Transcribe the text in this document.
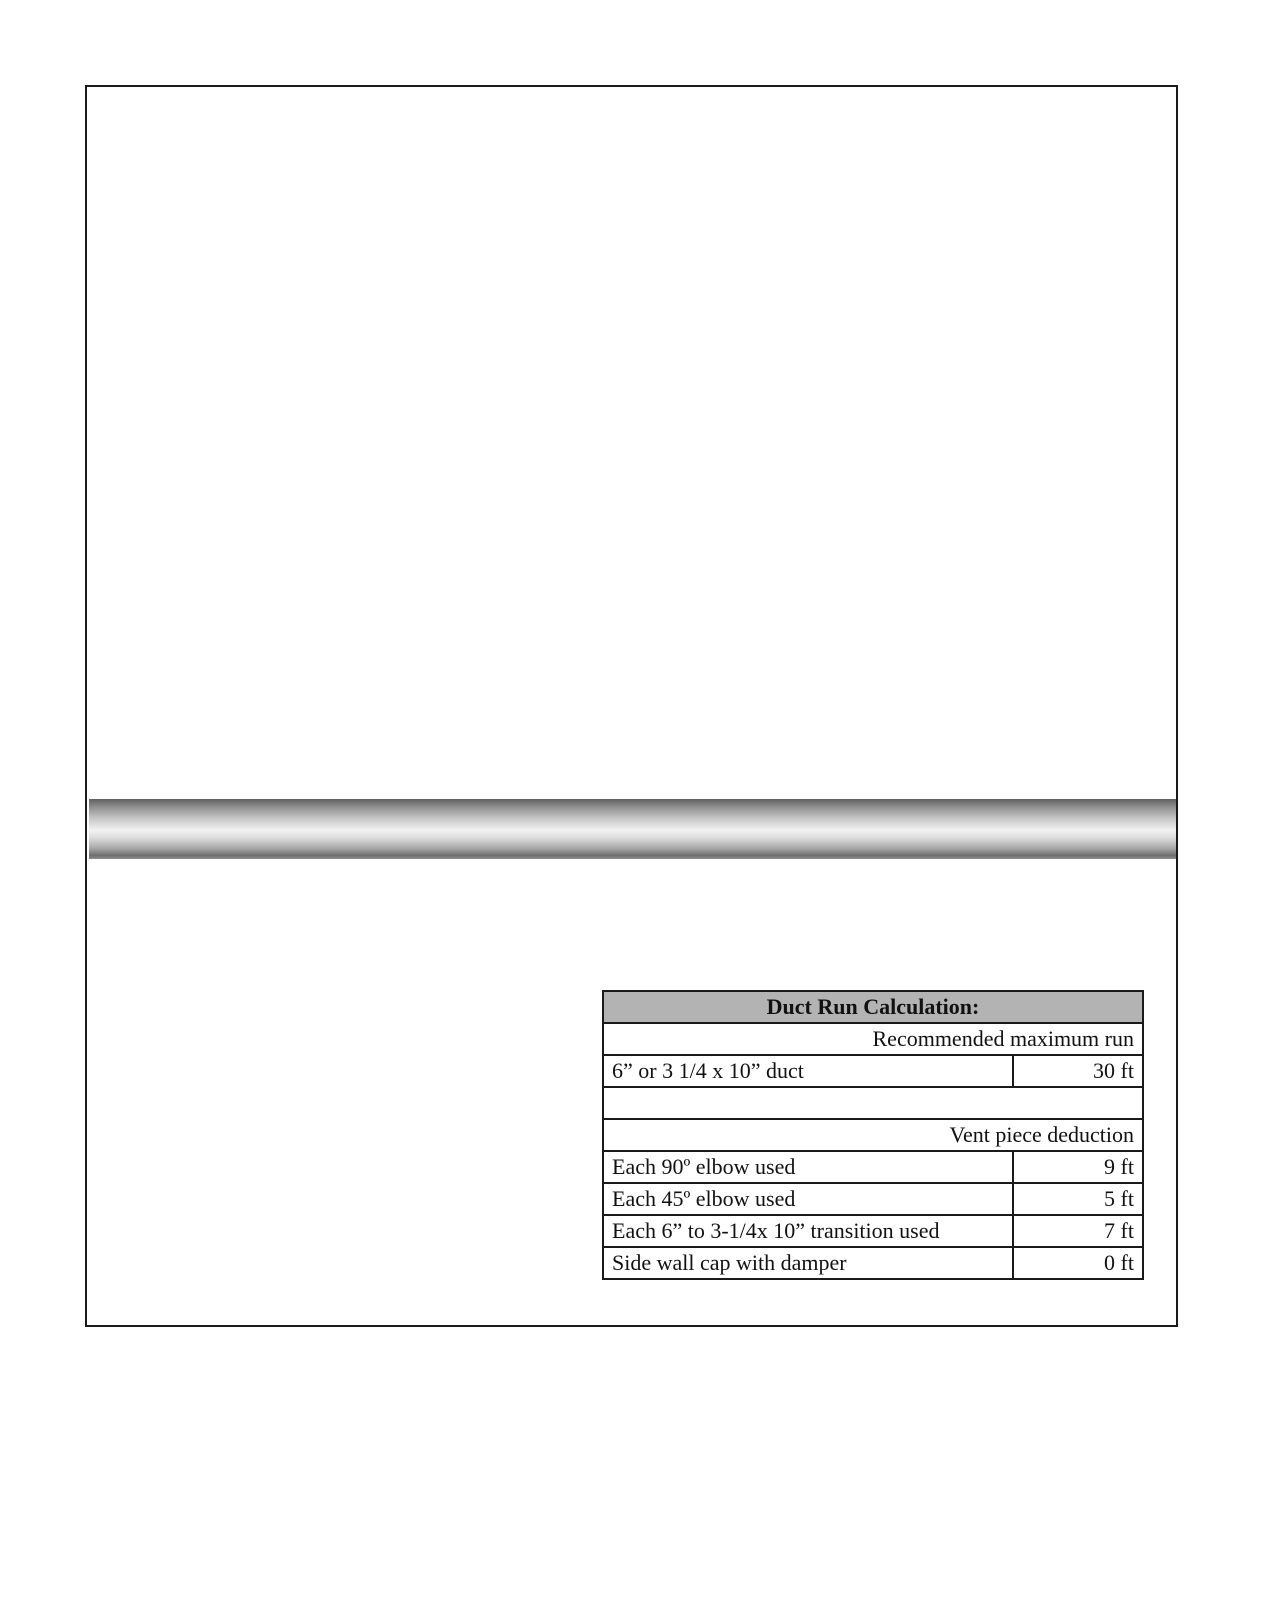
Duct Run Calculation:	
Recommended maximum run	
6” or 3 1/4 x 10” duct	30 ft

Vent piece deduction	
Each 90º elbow used	9 ft
Each 45º elbow used	5 ft
Each 6” to 3-1/4x 10” transition used	7 ft
Side wall cap with damper	0 ft
